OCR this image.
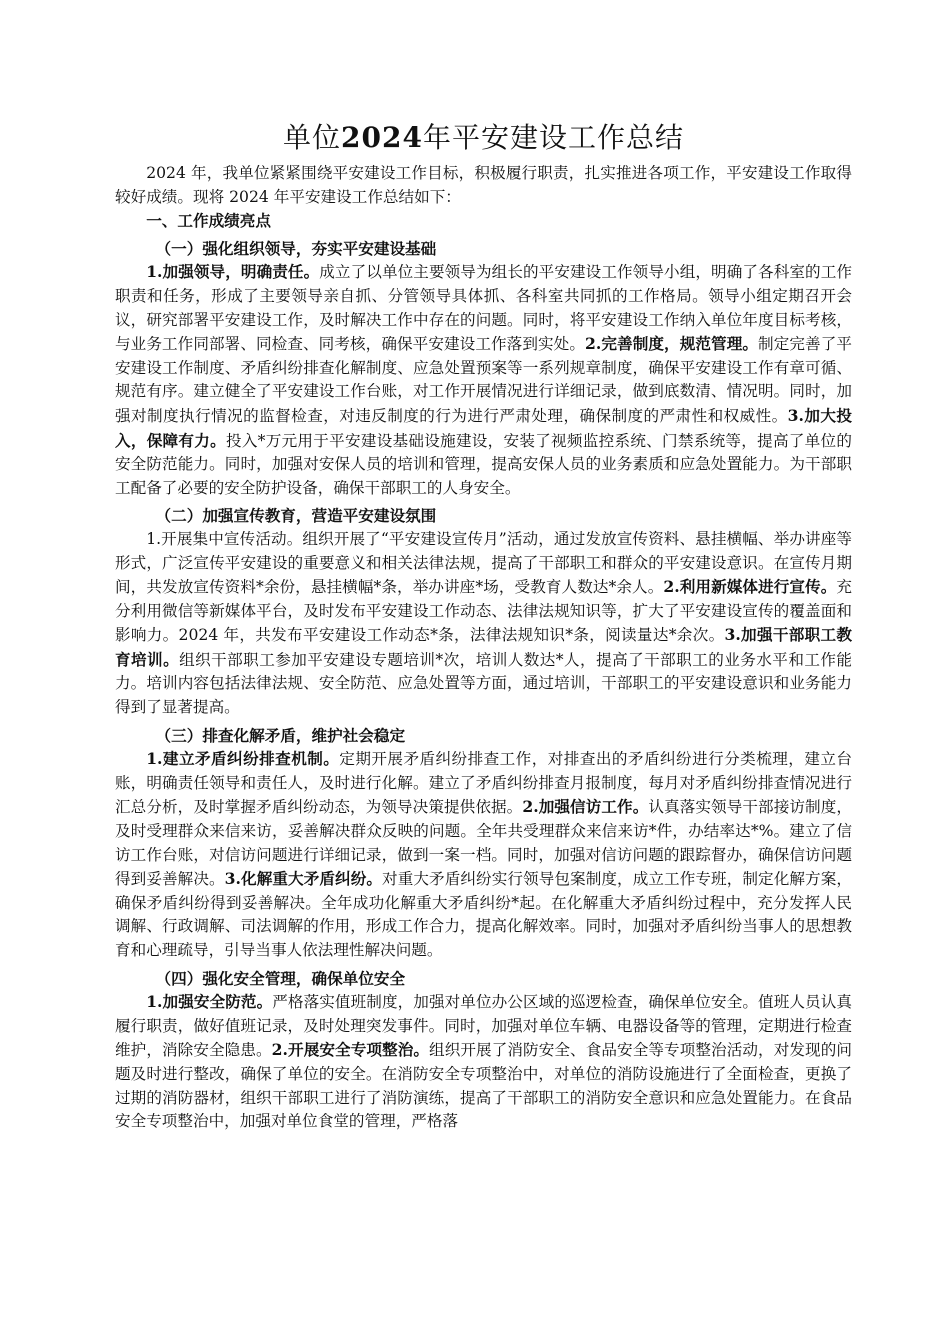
单位2024年平安建设工作总结

2024 年，我单位紧紧围绕平安建设工作目标，积极履行职责，扎实推进各项工作，平安建设工作取得较好成绩。现将 2024 年平安建设工作总结如下：

一、工作成绩亮点

（一）强化组织领导，夯实平安建设基础

1.加强领导，明确责任。成立了以单位主要领导为组长的平安建设工作领导小组，明确了各科室的工作职责和任务，形成了主要领导亲自抓、分管领导具体抓、各科室共同抓的工作格局。领导小组定期召开会议，研究部署平安建设工作，及时解决工作中存在的问题。同时，将平安建设工作纳入单位年度目标考核，与业务工作同部署、同检查、同考核，确保平安建设工作落到实处。2.完善制度，规范管理。制定完善了平安建设工作制度、矛盾纠纷排查化解制度、应急处置预案等一系列规章制度，确保平安建设工作有章可循、规范有序。建立健全了平安建设工作台账，对工作开展情况进行详细记录，做到底数清、情况明。同时，加强对制度执行情况的监督检查，对违反制度的行为进行严肃处理，确保制度的严肃性和权威性。3.加大投入，保障有力。投入*万元用于平安建设基础设施建设，安装了视频监控系统、门禁系统等，提高了单位的安全防范能力。同时，加强对安保人员的培训和管理，提高安保人员的业务素质和应急处置能力。为干部职工配备了必要的安全防护设备，确保干部职工的人身安全。

（二）加强宣传教育，营造平安建设氛围

1.开展集中宣传活动。组织开展了“平安建设宣传月”活动，通过发放宣传资料、悬挂横幅、举办讲座等形式，广泛宣传平安建设的重要意义和相关法律法规，提高了干部职工和群众的平安建设意识。在宣传月期间，共发放宣传资料*余份，悬挂横幅*条，举办讲座*场，受教育人数达*余人。2.利用新媒体进行宣传。充分利用微信等新媒体平台，及时发布平安建设工作动态、法律法规知识等，扩大了平安建设宣传的覆盖面和影响力。2024 年，共发布平安建设工作动态*条，法律法规知识*条，阅读量达*余次。3.加强干部职工教育培训。组织干部职工参加平安建设专题培训*次，培训人数达*人，提高了干部职工的业务水平和工作能力。培训内容包括法律法规、安全防范、应急处置等方面，通过培训，干部职工的平安建设意识和业务能力得到了显著提高。

（三）排查化解矛盾，维护社会稳定

1.建立矛盾纠纷排查机制。定期开展矛盾纠纷排查工作，对排查出的矛盾纠纷进行分类梳理，建立台账，明确责任领导和责任人，及时进行化解。建立了矛盾纠纷排查月报制度，每月对矛盾纠纷排查情况进行汇总分析，及时掌握矛盾纠纷动态，为领导决策提供依据。2.加强信访工作。认真落实领导干部接访制度，及时受理群众来信来访，妥善解决群众反映的问题。全年共受理群众来信来访*件，办结率达*%。建立了信访工作台账，对信访问题进行详细记录，做到一案一档。同时，加强对信访问题的跟踪督办，确保信访问题得到妥善解决。3.化解重大矛盾纠纷。对重大矛盾纠纷实行领导包案制度，成立工作专班，制定化解方案，确保矛盾纠纷得到妥善解决。全年成功化解重大矛盾纠纷*起。在化解重大矛盾纠纷过程中，充分发挥人民调解、行政调解、司法调解的作用，形成工作合力，提高化解效率。同时，加强对矛盾纠纷当事人的思想教育和心理疏导，引导当事人依法理性解决问题。

（四）强化安全管理，确保单位安全

1.加强安全防范。严格落实值班制度，加强对单位办公区域的巡逻检查，确保单位安全。值班人员认真履行职责，做好值班记录，及时处理突发事件。同时，加强对单位车辆、电器设备等的管理，定期进行检查维护，消除安全隐患。2.开展安全专项整治。组织开展了消防安全、食品安全等专项整治活动，对发现的问题及时进行整改，确保了单位的安全。在消防安全专项整治中，对单位的消防设施进行了全面检查，更换了过期的消防器材，组织干部职工进行了消防演练，提高了干部职工的消防安全意识和应急处置能力。在食品安全专项整治中，加强对单位食堂的管理，严格落
